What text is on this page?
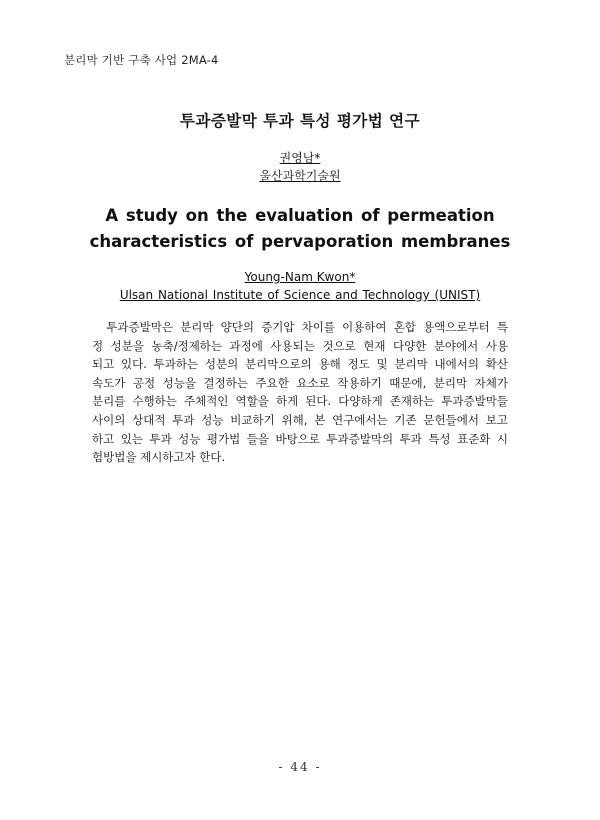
분리막 기반 구축 사업 2MA-4
투과증발막 투과 특성 평가법 연구
권영남*
울산과학기술원
A study on the evaluation of permeation characteristics of pervaporation membranes
Young-Nam Kwon*
Ulsan National Institute of Science and Technology (UNIST)
투과증발막은 분리막 양단의 증기압 차이를 이용하여 혼합 용액으로부터 특
정 성분을 농축/정제하는 과정에 사용되는 것으로 현재 다양한 분야에서 사용
되고 있다. 투과하는 성분의 분리막으로의 용해 정도 및 분리막 내에서의 확산
속도가 공정 성능을 결정하는 주요한 요소로 작용하기 때문에, 분리막 자체가
분리를 수행하는 주체적인 역할을 하게 된다. 다양하게 존재하는 투과증발막들
사이의 상대적 투과 성능 비교하기 위해, 본 연구에서는 기존 문헌들에서 보고
하고 있는 투과 성능 평가법 들을 바탕으로 투과증발막의 투과 특성 표준화 시
험방법을 제시하고자 한다.
- 44 -
